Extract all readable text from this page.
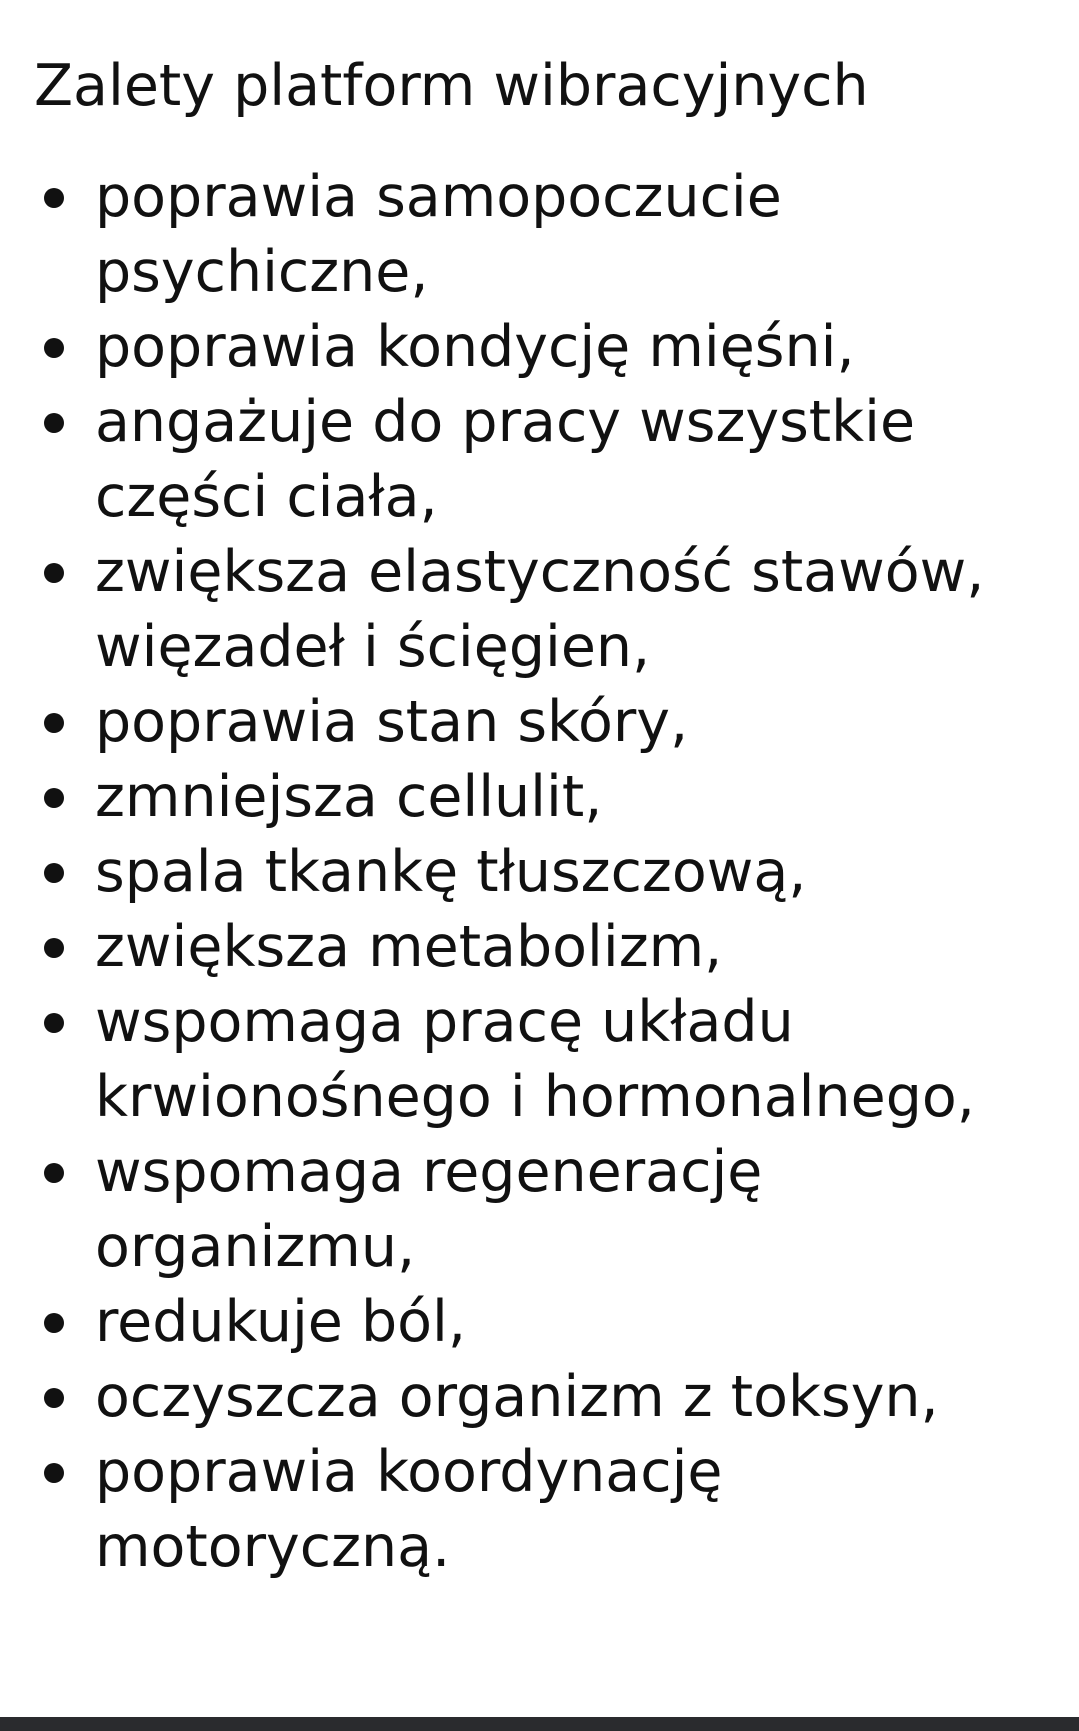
Zalety platform wibracyjnych
poprawia samopoczucie psychiczne,
poprawia kondycję mięśni,
angażuje do pracy wszystkie części ciała,
zwiększa elastyczność stawów, więzadeł i ścięgien,
poprawia stan skóry,
zmniejsza cellulit,
spala tkankę tłuszczową,
zwiększa metabolizm,
wspomaga pracę układu krwionośnego i hormonalnego,
wspomaga regenerację organizmu,
redukuje ból,
oczyszcza organizm z toksyn,
poprawia koordynację motoryczną.
